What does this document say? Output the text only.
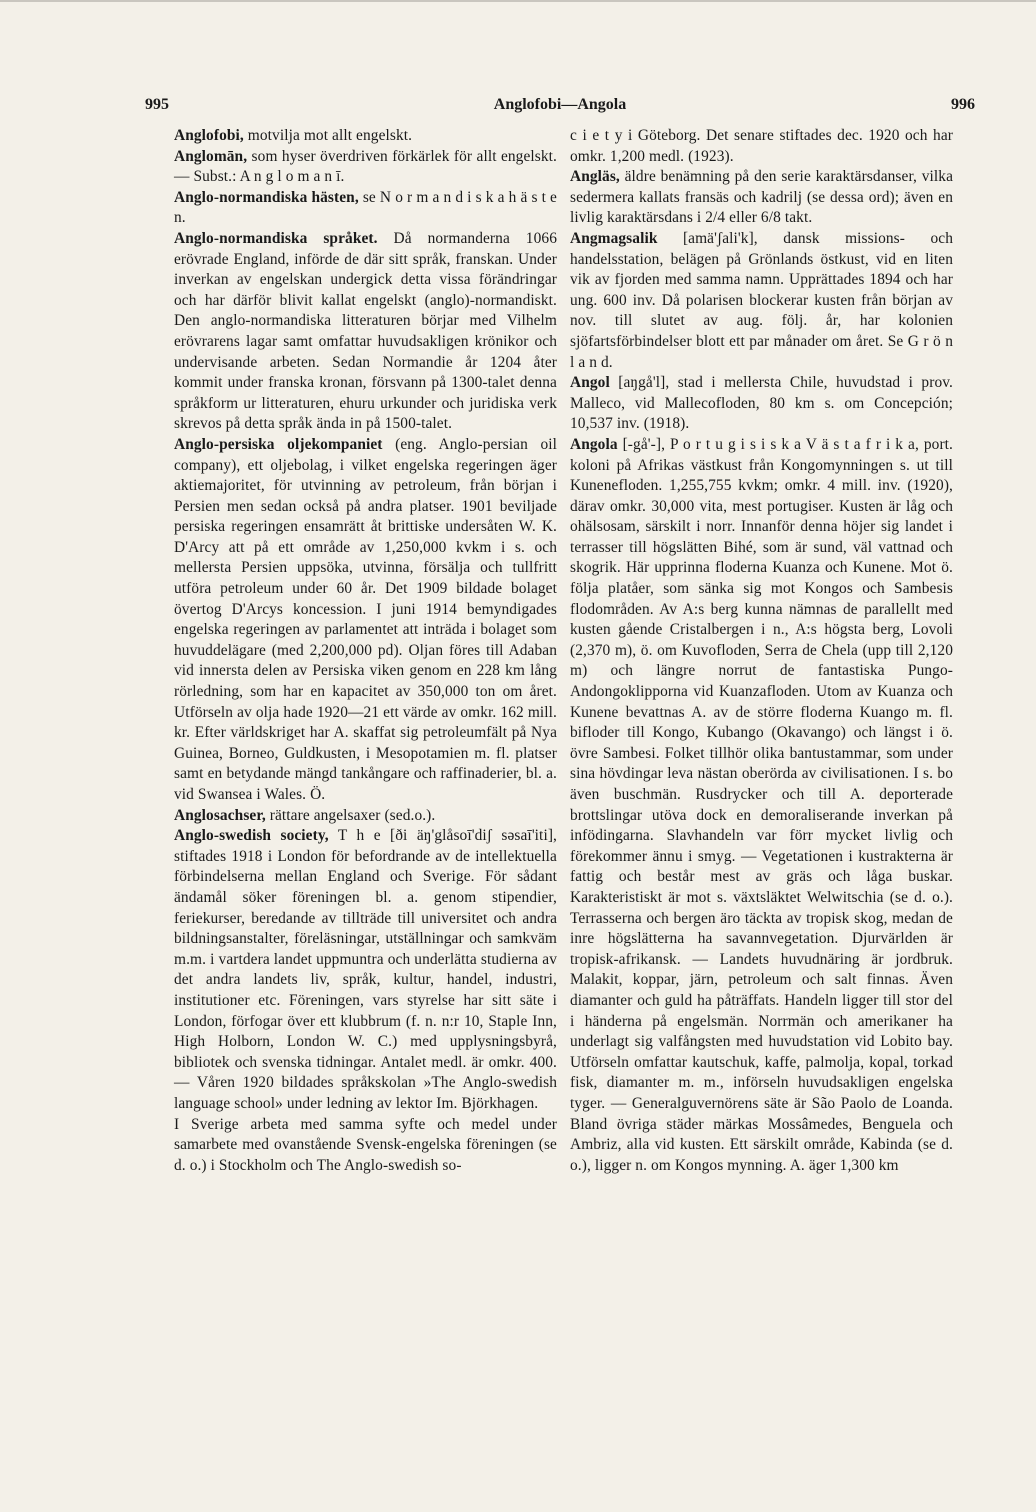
995	Anglofobi—Angola	996

Anglofobi, motvilja mot allt engelskt.

Anglomān, som hyser överdriven förkärlek för allt engelskt. — Subst.: A n g l o m a n ī.

Anglo-normandiska hästen, se N o r m a n d i s k a h ä s t e n.

Anglo-normandiska språket. Då normanderna 1066 erövrade England, införde de där sitt språk, franskan. Under inverkan av engelskan undergick detta vissa förändringar och har därför blivit kallat engelskt (anglo)-normandiskt. Den anglo-normandiska litteraturen börjar med Vilhelm erövrarens lagar samt omfattar huvudsakligen krönikor och undervisande arbeten. Sedan Normandie år 1204 åter kommit under franska kronan, försvann på 1300-talet denna språkform ur litteraturen, ehuru urkunder och juridiska verk skrevos på detta språk ända in på 1500-talet.

Anglo-persiska oljekompaniet (eng. Anglo-persian oil company), ett oljebolag, i vilket engelska regeringen äger aktiemajoritet, för utvinning av petroleum, från början i Persien men sedan också på andra platser. 1901 beviljade persiska regeringen ensamrätt åt brittiske undersåten W. K. D'Arcy att på ett område av 1,250,000 kvkm i s. och mellersta Persien uppsöka, utvinna, försälja och tullfritt utföra petroleum under 60 år. Det 1909 bildade bolaget övertog D'Arcys koncession. I juni 1914 bemyndigades engelska regeringen av parlamentet att inträda i bolaget som huvuddelägare (med 2,200,000 pd). Oljan föres till Adaban vid innersta delen av Persiska viken genom en 228 km lång rörledning, som har en kapacitet av 350,000 ton om året. Utförseln av olja hade 1920—21 ett värde av omkr. 162 mill. kr. Efter världskriget har A. skaffat sig petroleumfält på Nya Guinea, Borneo, Guldkusten, i Mesopotamien m. fl. platser samt en betydande mängd tankångare och raffinaderier, bl. a. vid Swansea i Wales. Ö.

Anglosachser, rättare angelsaxer (sed.o.).

Anglo-swedish society, T h e [ði äŋ'glåsoī'diʃ səsaī'iti], stiftades 1918 i London för befordrande av de intellektuella förbindelserna mellan England och Sverige. För sådant ändamål söker föreningen bl. a. genom stipendier, feriekurser, beredande av tillträde till universitet och andra bildningsanstalter, föreläsningar, utställningar och samkväm m.m. i vartdera landet uppmuntra och underlätta studierna av det andra landets liv, språk, kultur, handel, industri, institutioner etc. Föreningen, vars styrelse har sitt säte i London, förfogar över ett klubbrum (f. n. n:r 10, Staple Inn, High Holborn, London W. C.) med upplysningsbyrå, bibliotek och svenska tidningar. Antalet medl. är omkr. 400. — Våren 1920 bildades språkskolan »The Anglo-swedish language school» under ledning av lektor Im. Björkhagen.

I Sverige arbeta med samma syfte och medel under samarbete med ovanstående Svensk-engelska föreningen (se d. o.) i Stockholm och The Anglo-swedish so-

c i e t y i Göteborg. Det senare stiftades dec. 1920 och har omkr. 1,200 medl. (1923).

Angläs, äldre benämning på den serie karaktärsdanser, vilka sedermera kallats fransäs och kadrilj (se dessa ord); även en livlig karaktärsdans i 2/4 eller 6/8 takt.

Angmagsalik [amä'ʃali'k], dansk missions- och handelsstation, belägen på Grönlands östkust, vid en liten vik av fjorden med samma namn. Upprättades 1894 och har ung. 600 inv. Då polarisen blockerar kusten från början av nov. till slutet av aug. följ. år, har kolonien sjöfartsförbindelser blott ett par månader om året. Se G r ö n l a n d.

Angol [aŋgå'l], stad i mellersta Chile, huvudstad i prov. Malleco, vid Mallecofloden, 80 km s. om Concepción; 10,537 inv. (1918).

Angola [-gå'-], P o r t u g i s i s k a V ä s t a f r i k a, port. koloni på Afrikas västkust från Kongomynningen s. ut till Kunenefloden. 1,255,755 kvkm; omkr. 4 mill. inv. (1920), därav omkr. 30,000 vita, mest portugiser. Kusten är låg och ohälsosam, särskilt i norr. Innanför denna höjer sig landet i terrasser till högslätten Bihé, som är sund, väl vattnad och skogrik. Här upprinna floderna Kuanza och Kunene. Mot ö. följa platåer, som sänka sig mot Kongos och Sambesis flodområden. Av A:s berg kunna nämnas de parallellt med kusten gående Cristalbergen i n., A:s högsta berg, Lovoli (2,370 m), ö. om Kuvofloden, Serra de Chela (upp till 2,120 m) och längre norrut de fantastiska Pungo-Andongoklipporna vid Kuanzafloden. Utom av Kuanza och Kunene bevattnas A. av de större floderna Kuango m. fl. bifloder till Kongo, Kubango (Okavango) och längst i ö. övre Sambesi. Folket tillhör olika bantustammar, som under sina hövdingar leva nästan oberörda av civilisationen. I s. bo även buschmän. Rusdrycker och till A. deporterade brottslingar utöva dock en demoraliserande inverkan på infödingarna. Slavhandeln var förr mycket livlig och förekommer ännu i smyg. — Vegetationen i kustrakterna är fattig och består mest av gräs och låga buskar. Karakteristiskt är mot s. växtsläktet Welwitschia (se d. o.). Terrasserna och bergen äro täckta av tropisk skog, medan de inre högslätterna ha savannvegetation. Djurvärlden är tropisk-afrikansk. — Landets huvudnäring är jordbruk. Malakit, koppar, järn, petroleum och salt finnas. Även diamanter och guld ha påträffats. Handeln ligger till stor del i händerna på engelsmän. Norrmän och amerikaner ha underlagt sig valfångsten med huvudstation vid Lobito bay. Utförseln omfattar kautschuk, kaffe, palmolja, kopal, torkad fisk, diamanter m. m., införseln huvudsakligen engelska tyger. — Generalguvernörens säte är São Paolo de Loanda. Bland övriga städer märkas Mossâmedes, Benguela och Ambriz, alla vid kusten. Ett särskilt område, Kabinda (se d. o.), ligger n. om Kongos mynning. A. äger 1,300 km
